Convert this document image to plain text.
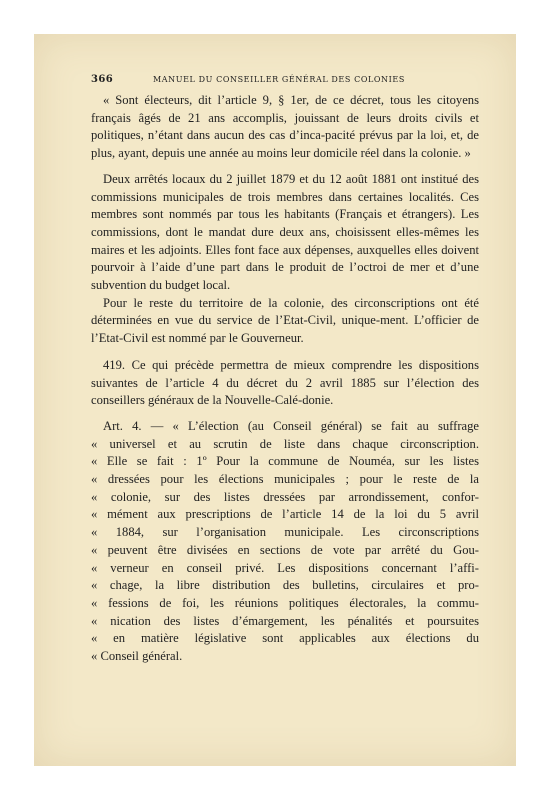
366	MANUEL DU CONSEILLER GÉNÉRAL DES COLONIES

« Sont électeurs, dit l’article 9, § 1er, de ce décret, tous les citoyens français âgés de 21 ans accomplis, jouissant de leurs droits civils et politiques, n’étant dans aucun des cas d’inca-pacité prévus par la loi, et, de plus, ayant, depuis une année au moins leur domicile réel dans la colonie. »

Deux arrêtés locaux du 2 juillet 1879 et du 12 août 1881 ont institué des commissions municipales de trois membres dans certaines localités. Ces membres sont nommés par tous les habitants (Français et étrangers). Les commissions, dont le mandat dure deux ans, choisissent elles-mêmes les maires et les adjoints. Elles font face aux dépenses, auxquelles elles doivent pourvoir à l’aide d’une part dans le produit de l’octroi de mer et d’une subvention du budget local.

Pour le reste du territoire de la colonie, des circonscriptions ont été déterminées en vue du service de l’Etat-Civil, unique-ment. L’officier de l’Etat-Civil est nommé par le Gouverneur.

419. Ce qui précède permettra de mieux comprendre les dispositions suivantes de l’article 4 du décret du 2 avril 1885 sur l’élection des conseillers généraux de la Nouvelle-Calé-donie.

Art. 4. — « L’élection (au Conseil général) se fait au suffrage
« universel et au scrutin de liste dans chaque circonscription.
« Elle se fait : 1º Pour la commune de Nouméa, sur les listes
« dressées pour les élections municipales ; pour le reste de la
« colonie, sur des listes dressées par arrondissement, confor-
« mément aux prescriptions de l’article 14 de la loi du 5 avril
« 1884, sur l’organisation municipale. Les circonscriptions
« peuvent être divisées en sections de vote par arrêté du Gou-
« verneur en conseil privé. Les dispositions concernant l’affi-
« chage, la libre distribution des bulletins, circulaires et pro-
« fessions de foi, les réunions politiques électorales, la commu-
« nication des listes d’émargement, les pénalités et poursuites
« en matière législative sont applicables aux élections du
« Conseil général.
